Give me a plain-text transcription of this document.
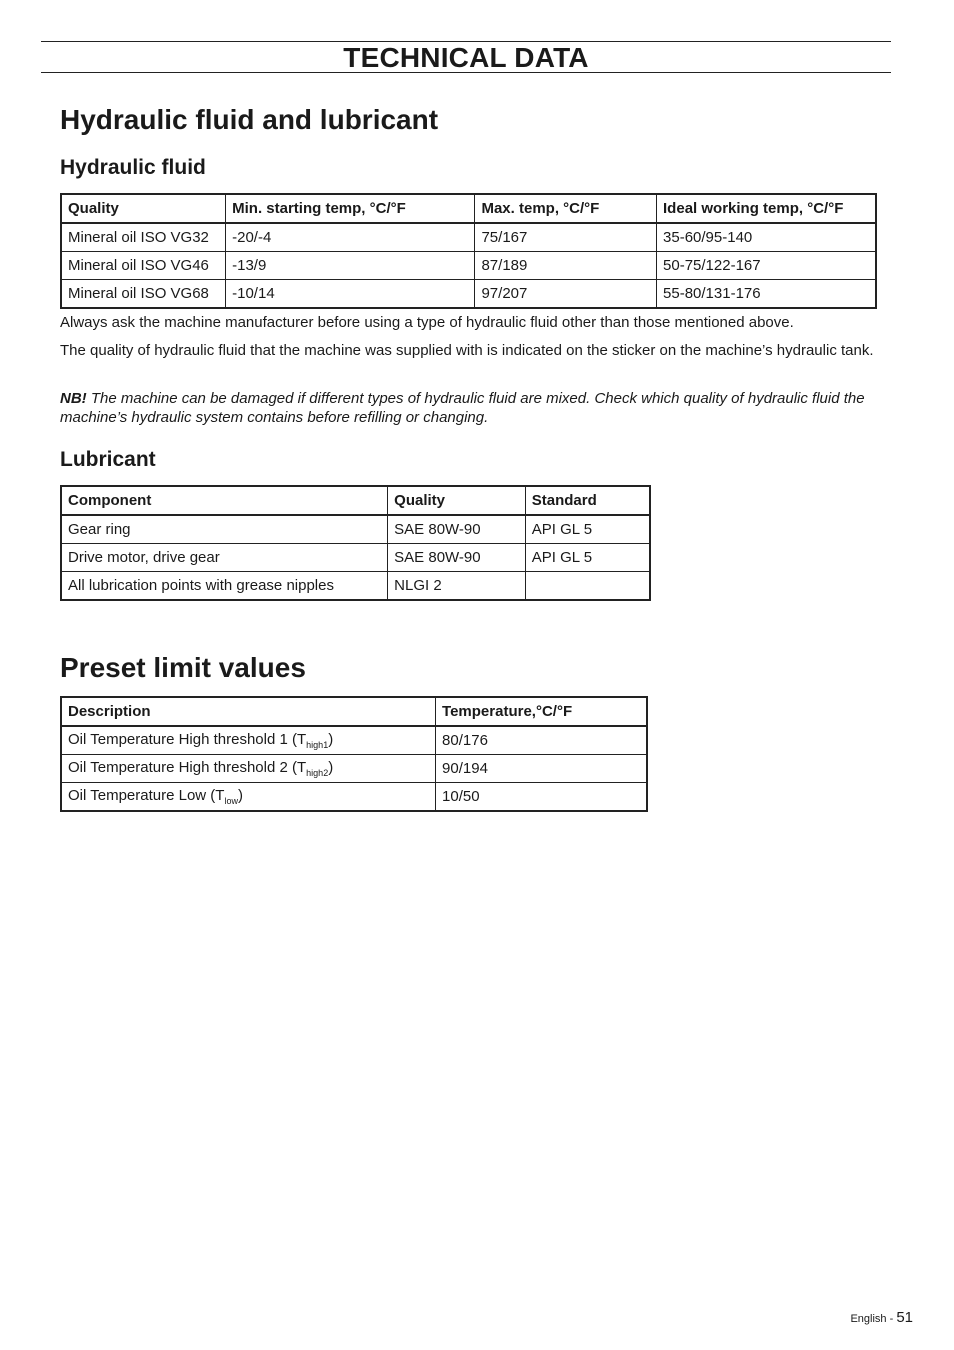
TECHNICAL DATA
Hydraulic fluid and lubricant
Hydraulic fluid
Quality	Min. starting temp, °C/°F	Max. temp, °C/°F	Ideal working temp, °C/°F
Mineral oil ISO VG32	-20/-4	75/167	35-60/95-140
Mineral oil ISO VG46	-13/9	87/189	50-75/122-167
Mineral oil ISO VG68	-10/14	97/207	55-80/131-176

Always ask the machine manufacturer before using a type of hydraulic fluid other than those mentioned above.

The quality of hydraulic fluid that the machine was supplied with is indicated on the sticker on the machine’s hydraulic tank.

NB! The machine can be damaged if different types of hydraulic fluid are mixed. Check which quality of hydraulic fluid the machine’s hydraulic system contains before refilling or changing.

Lubricant
Component	Quality	Standard
Gear ring	SAE 80W-90	API GL 5
Drive motor, drive gear	SAE 80W-90	API GL 5
All lubrication points with grease nipples	NLGI 2	
Preset limit values
Description	Temperature,°C/°F
Oil Temperature High threshold 1 $(T_{high1})$	80/176
Oil Temperature High threshold 2 $(T_{high2})$	90/194
Oil Temperature Low $(T_{low})$	10/50
English - 51
